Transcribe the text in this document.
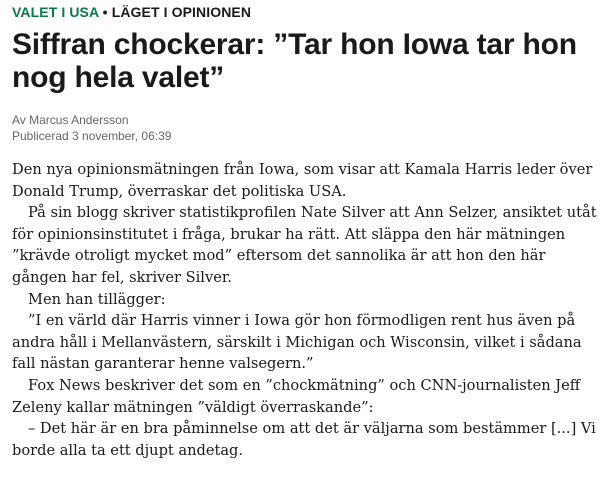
VALET I USA • LÄGET I OPINIONEN
Siffran chockerar: ”Tar hon Iowa tar hon nog hela valet”
Av Marcus Andersson
Publicerad 3 november, 06:39

Den nya opinionsmätningen från Iowa, som visar att Kamala Harris leder över Donald Trump, överraskar det politiska USA.

På sin blogg skriver statistikprofilen Nate Silver att Ann Selzer, ansiktet utåt för opinionsinstitutet i fråga, brukar ha rätt. Att släppa den här mätningen ”krävde otroligt mycket mod” eftersom det sannolika är att hon den här gången har fel, skriver Silver.

Men han tillägger:

”I en värld där Harris vinner i Iowa gör hon förmodligen rent hus även på andra håll i Mellanvästern, särskilt i Michigan och Wisconsin, vilket i sådana fall nästan garanterar henne valsegern.”

Fox News beskriver det som en ”chockmätning” och CNN-journalisten Jeff Zeleny kallar mätningen ”väldigt överraskande”:

– Det här är en bra påminnelse om att det är väljarna som bestämmer [...] Vi borde alla ta ett djupt andetag.
